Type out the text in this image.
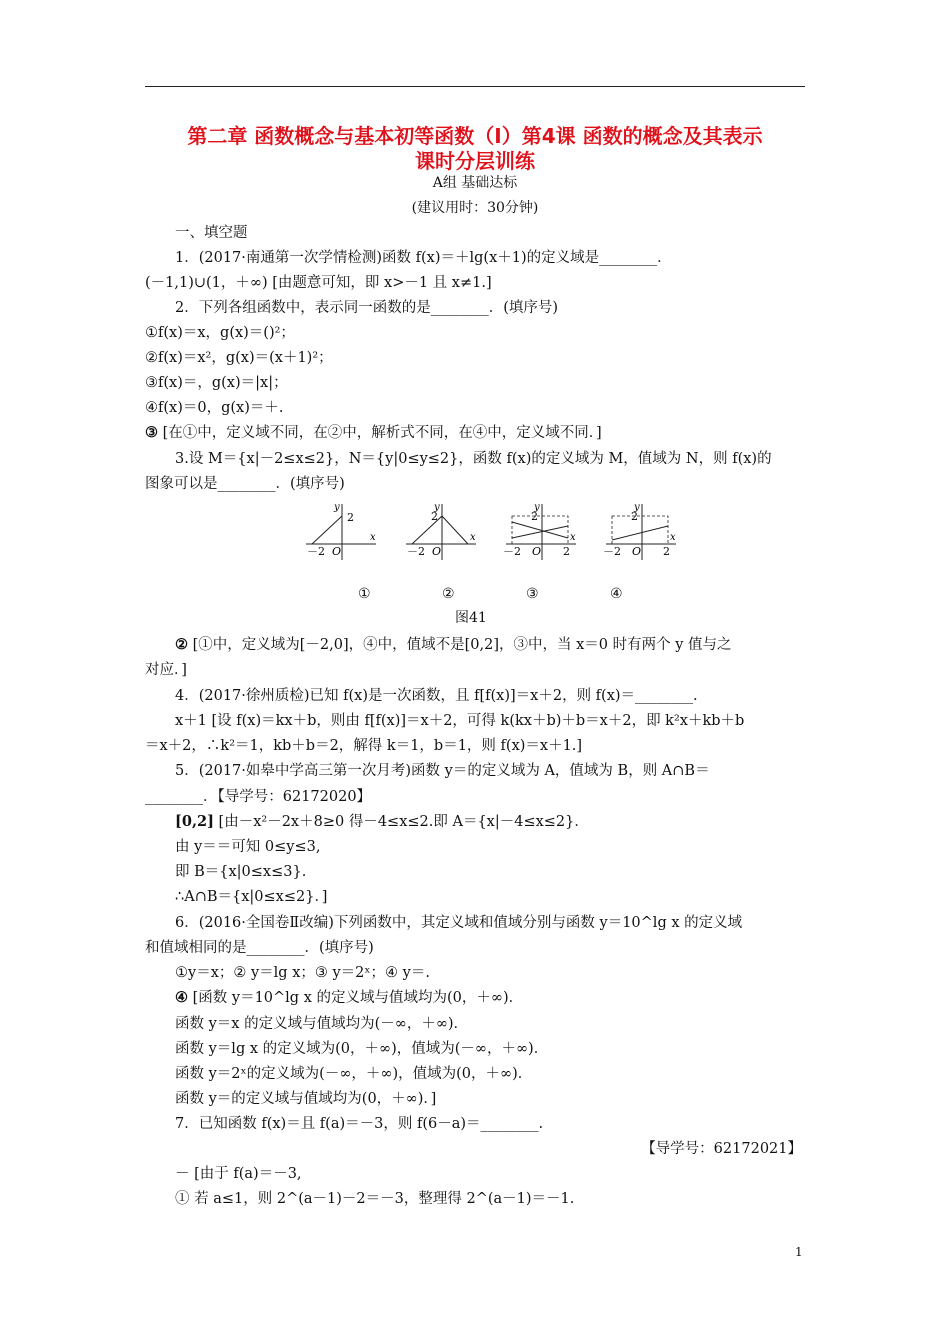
第二章 函数概念与基本初等函数（Ⅰ）第4课 函数的概念及其表示
课时分层训练
A组 基础达标
(建议用时：30分钟)
一、填空题
1．(2017·南通第一次学情检测)函数 f(x)＝＋lg(x＋1)的定义域是________．
(－1,1)∪(1，＋∞) [由题意可知，即 x>－1 且 x≠1.]
2．下列各组函数中，表示同一函数的是________．(填序号)
①f(x)＝x，g(x)＝()²；
②f(x)＝x²，g(x)＝(x＋1)²；
③f(x)＝，g(x)＝|x|；
④f(x)＝0，g(x)＝＋.
③ [在①中，定义域不同，在②中，解析式不同，在④中，定义域不同．]
3.设 M＝{x|－2≤x≤2}，N＝{y|0≤y≤2}，函数 f(x)的定义域为 M，值域为 N，则 f(x)的
图象可以是________．(填序号)
－2 O
2
x
y
－2 O
2
x
y
－2 O 2
2
x
y
－2 O 2
2
x
y
①	②	③	④
图41
② [①中，定义域为[－2,0]，④中，值域不是[0,2]，③中，当 x＝0 时有两个 y 值与之
对应．]
4．(2017·徐州质检)已知 f(x)是一次函数，且 f[f(x)]＝x＋2，则 f(x)＝________.
x＋1 [设 f(x)＝kx＋b，则由 f[f(x)]＝x＋2，可得 k(kx＋b)＋b＝x＋2，即 k²x＋kb＋b
＝x＋2，∴k²＝1，kb＋b＝2，解得 k＝1，b＝1，则 f(x)＝x＋1.]
5．(2017·如皋中学高三第一次月考)函数 y＝的定义域为 A，值域为 B，则 A∩B＝
________．【导学号：62172020】
[0,2] [由－x²－2x＋8≥0 得－4≤x≤2.即 A＝{x|－4≤x≤2}．
由 y＝＝可知 0≤y≤3,
即 B＝{x|0≤x≤3}.
∴A∩B＝{x|0≤x≤2}．]
6．(2016·全国卷Ⅱ改编)下列函数中，其定义域和值域分别与函数 y＝10^lg x 的定义域
和值域相同的是________．(填序号)
①y＝x；② y＝lg x；③ y＝2ˣ；④ y＝.
④ [函数 y＝10^lg x 的定义域与值域均为(0，＋∞)．
函数 y＝x 的定义域与值域均为(－∞，＋∞)．
函数 y＝lg x 的定义域为(0，＋∞)，值域为(－∞，＋∞)．
函数 y＝2ˣ的定义域为(－∞，＋∞)，值域为(0，＋∞)．
函数 y＝的定义域与值域均为(0，＋∞)．]
7．已知函数 f(x)＝且 f(a)＝－3，则 f(6－a)＝________.
【导学号：62172021】
－ [由于 f(a)＝－3,
① 若 a≤1，则 2^(a－1)－2＝－3，整理得 2^(a－1)＝－1.
1
